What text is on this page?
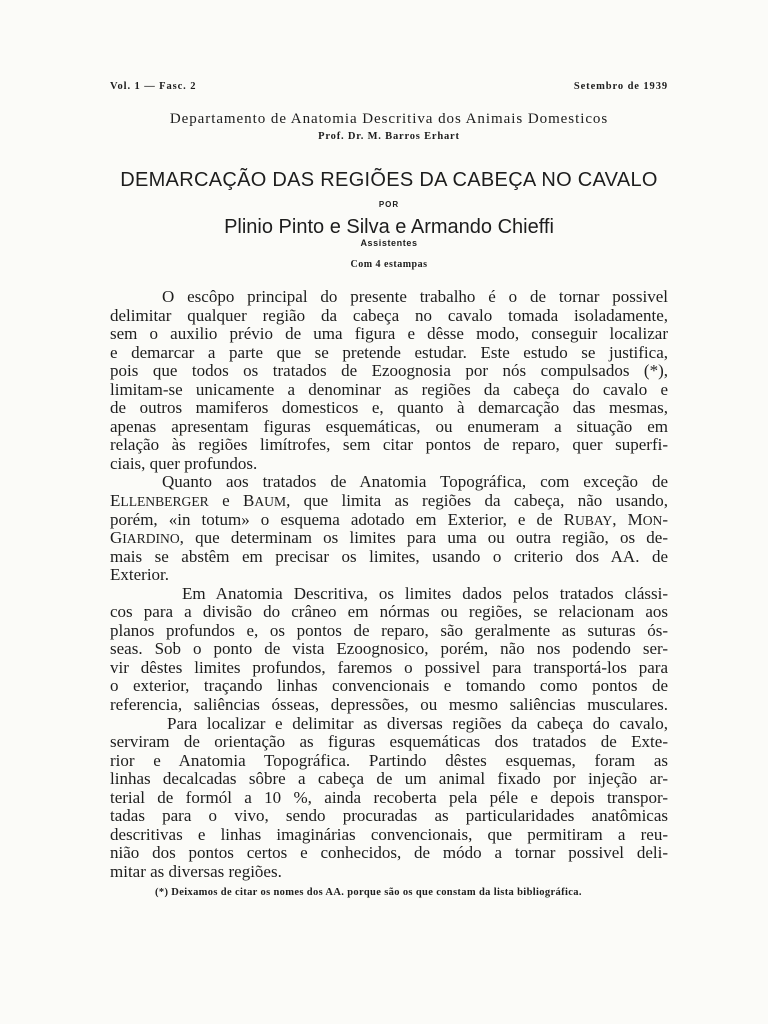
Vol. 1 — Fasc. 2	Setembro de 1939
Departamento de Anatomia Descritiva dos Animais Domesticos
Prof. Dr. M. Barros Erhart
DEMARCAÇÃO DAS REGIÕES DA CABEÇA NO CAVALO
POR
Plinio Pinto e Silva e Armando Chieffi
Assistentes
Com 4 estampas
O escôpo principal do presente trabalho é o de tornar possivel
delimitar qualquer região da cabeça no cavalo tomada isoladamente,
sem o auxilio prévio de uma figura e dêsse modo, conseguir localizar
e demarcar a parte que se pretende estudar. Este estudo se justifica,
pois que todos os tratados de Ezoognosia por nós compulsados (*),
limitam-se unicamente a denominar as regiões da cabeça do cavalo e
de outros mamiferos domesticos e, quanto à demarcação das mesmas,
apenas apresentam figuras esquemáticas, ou enumeram a situação em
relação às regiões limítrofes, sem citar pontos de reparo, quer superfi-
ciais, quer profundos.
Quanto aos tratados de Anatomia Topográfica, com exceção de
ELLENBERGER e BAUM, que limita as regiões da cabeça, não usando,
porém, «in totum» o esquema adotado em Exterior, e de RUBAY, MON-
GIARDINO, que determinam os limites para uma ou outra região, os de-
mais se abstêm em precisar os limites, usando o criterio dos AA. de
Exterior.
Em Anatomia Descritiva, os limites dados pelos tratados clássi-
cos para a divisão do crâneo em nórmas ou regiões, se relacionam aos
planos profundos e, os pontos de reparo, são geralmente as suturas ós-
seas. Sob o ponto de vista Ezoognosico, porém, não nos podendo ser-
vir dêstes limites profundos, faremos o possivel para transportá-los para
o exterior, traçando linhas convencionais e tomando como pontos de
referencia, saliências ósseas, depressões, ou mesmo saliências musculares.
Para localizar e delimitar as diversas regiões da cabeça do cavalo,
serviram de orientação as figuras esquemáticas dos tratados de Exte-
rior e Anatomia Topográfica. Partindo dêstes esquemas, foram as
linhas decalcadas sôbre a cabeça de um animal fixado por injeção ar-
terial de formól a 10 %, ainda recoberta pela péle e depois transpor-
tadas para o vivo, sendo procuradas as particularidades anatômicas
descritivas e linhas imaginárias convencionais, que permitiram a reu-
nião dos pontos certos e conhecidos, de módo a tornar possivel deli-
mitar as diversas regiões.
(*) Deixamos de citar os nomes dos AA. porque são os que constam da lista bibliográfica.
